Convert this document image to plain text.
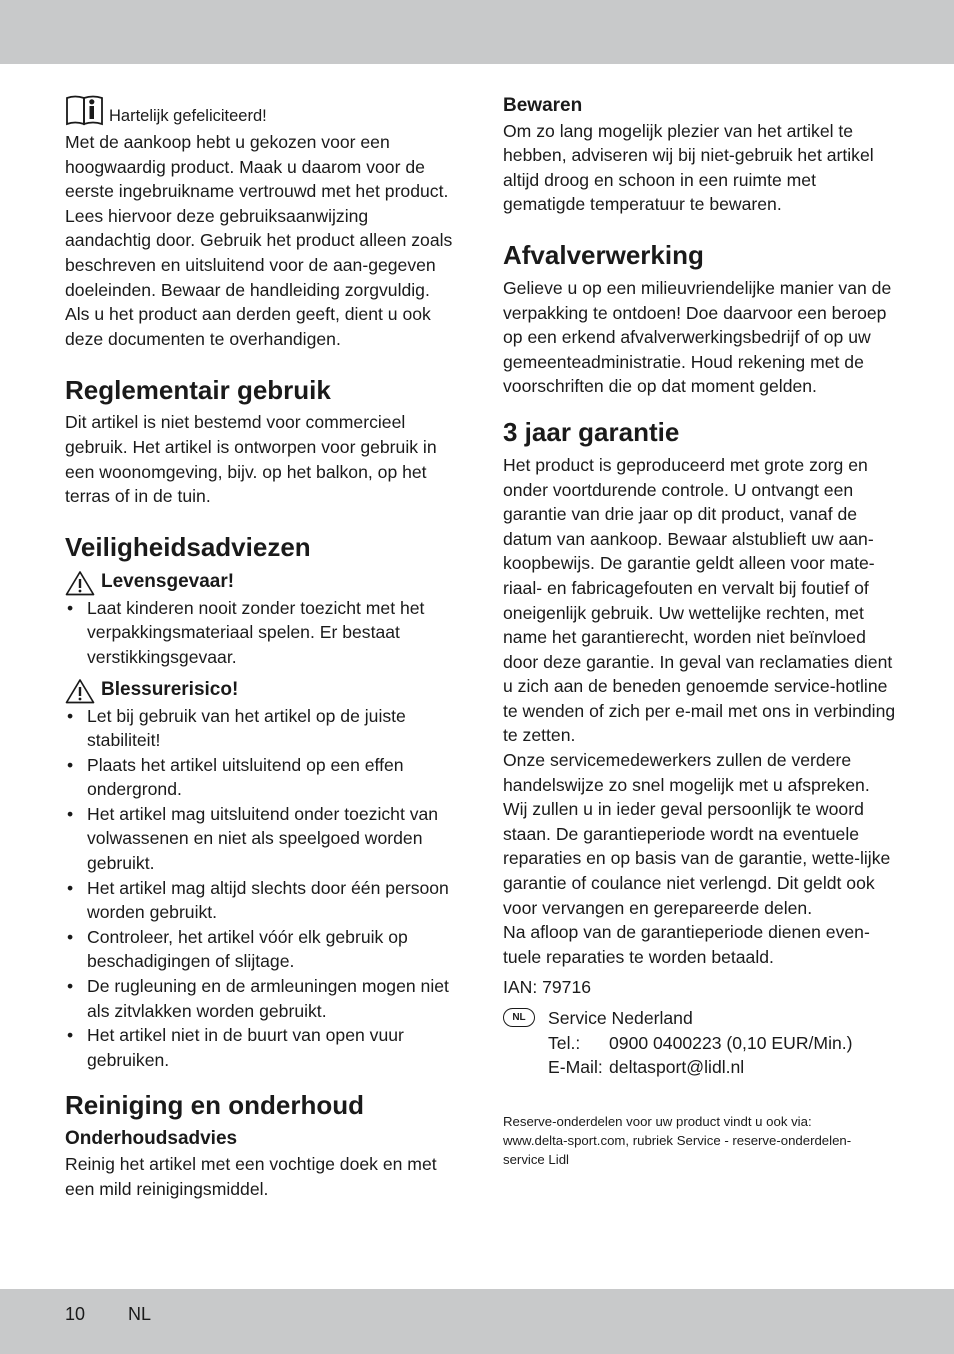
Hartelijk gefeliciteerd!

Met de aankoop hebt u gekozen voor een hoogwaardig product. Maak u daarom voor de eerste ingebruikname vertrouwd met het product. Lees hiervoor deze gebruiksaanwijzing aandachtig door. Gebruik het product alleen zoals beschreven en uitsluitend voor de aan-gegeven doeleinden. Bewaar de handleiding zorgvuldig. Als u het product aan derden geeft, dient u ook deze documenten te overhandigen.

Reglementair gebruik

Dit artikel is niet bestemd voor commercieel gebruik. Het artikel is ontworpen voor gebruik in een woonomgeving, bijv. op het balkon, op het terras of in de tuin.

Veiligheidsadviezen
Levensgevaar!
• Laat kinderen nooit zonder toezicht met het verpakkingsmateriaal spelen. Er bestaat verstikkingsgevaar.
Blessurerisico!
• Let bij gebruik van het artikel op de juiste stabiliteit!
• Plaats het artikel uitsluitend op een effen ondergrond.
• Het artikel mag uitsluitend onder toezicht van volwassenen en niet als speelgoed worden gebruikt.
• Het artikel mag altijd slechts door één persoon worden gebruikt.
• Controleer, het artikel vóór elk gebruik op beschadigingen of slijtage.
• De rugleuning en de armleuningen mogen niet als zitvlakken worden gebruikt.
• Het artikel niet in de buurt van open vuur gebruiken.
Reiniging en onderhoud
Onderhoudsadvies

Reinig het artikel met een vochtige doek en met een mild reinigingsmiddel.

Bewaren

Om zo lang mogelijk plezier van het artikel te hebben, adviseren wij bij niet-gebruik het artikel altijd droog en schoon in een ruimte met gematigde temperatuur te bewaren.

Afvalverwerking

Gelieve u op een milieuvriendelijke manier van de verpakking te ontdoen! Doe daarvoor een beroep op een erkend afvalverwerkingsbedrijf of op uw gemeenteadministratie. Houd rekening met de voorschriften die op dat moment gelden.

3 jaar garantie

Het product is geproduceerd met grote zorg en onder voortdurende controle. U ontvangt een garantie van drie jaar op dit product, vanaf de datum van aankoop. Bewaar alstublieft uw aan-koopbewijs. De garantie geldt alleen voor mate-riaal- en fabricagefouten en vervalt bij foutief of oneigenlijk gebruik. Uw wettelijke rechten, met name het garantierecht, worden niet beïnvloed door deze garantie. In geval van reclamaties dient u zich aan de beneden genoemde service-hotline te wenden of zich per e-mail met ons in verbinding te zetten.

Onze servicemedewerkers zullen de verdere handelswijze zo snel mogelijk met u afspreken. Wij zullen u in ieder geval persoonlijk te woord staan. De garantieperiode wordt na eventuele reparaties en op basis van de garantie, wette-lijke garantie of coulance niet verlengd. Dit geldt ook voor vervangen en gerepareerde delen.

Na afloop van de garantieperiode dienen even-tuele reparaties te worden betaald.

IAN: 79716

NL	Service Nederland

Tel.:	0900 0400223 (0,10 EUR/Min.)

E-Mail: deltasport@lidl.nl

Reserve-onderdelen voor uw product vindt u ook via: www.delta-sport.com, rubriek Service - reserve-onderdelen-service Lidl

10 NL
